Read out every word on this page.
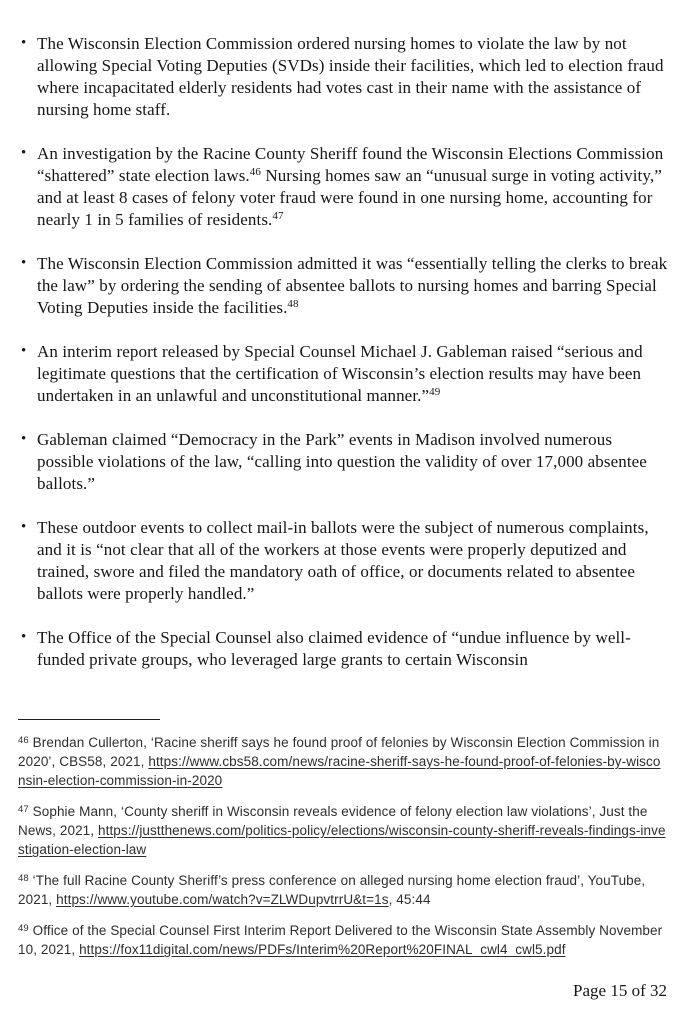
• The Wisconsin Election Commission ordered nursing homes to violate the law by not allowing Special Voting Deputies (SVDs) inside their facilities, which led to election fraud where incapacitated elderly residents had votes cast in their name with the assistance of nursing home staff.
• An investigation by the Racine County Sheriff found the Wisconsin Elections Commission “shattered” state election laws.$^{46}$ Nursing homes saw an “unusual surge in voting activity,” and at least 8 cases of felony voter fraud were found in one nursing home, accounting for nearly 1 in 5 families of residents.$^{47}$
• The Wisconsin Election Commission admitted it was “essentially telling the clerks to break the law” by ordering the sending of absentee ballots to nursing homes and barring Special Voting Deputies inside the facilities.$^{48}$
• An interim report released by Special Counsel Michael J. Gableman raised “serious and legitimate questions that the certification of Wisconsin’s election results may have been undertaken in an unlawful and unconstitutional manner.”$^{49}$
• Gableman claimed “Democracy in the Park” events in Madison involved numerous possible violations of the law, “calling into question the validity of over 17,000 absentee ballots.”
• These outdoor events to collect mail-in ballots were the subject of numerous complaints, and it is “not clear that all of the workers at those events were properly deputized and trained, swore and filed the mandatory oath of office, or documents related to absentee ballots were properly handled.”
• The Office of the Special Counsel also claimed evidence of “undue influence by well-funded private groups, who leveraged large grants to certain Wisconsin
$^{46}$ Brendan Cullerton, ‘Racine sheriff says he found proof of felonies by Wisconsin Election Commission in 2020’, CBS58, 2021, https://www.cbs58.com/news/racine-sheriff-says-he-found-proof-of-felonies-by-wisconsin-election-commission-in-2020
$^{47}$ Sophie Mann, ‘County sheriff in Wisconsin reveals evidence of felony election law violations’, Just the News, 2021, https://justthenews.com/politics-policy/elections/wisconsin-county-sheriff-reveals-findings-investigation-election-law
$^{48}$ ‘The full Racine County Sheriff’s press conference on alleged nursing home election fraud’, YouTube, 2021, https://www.youtube.com/watch?v=ZLWDupvtrrU&t=1s, 45:44
$^{49}$ Office of the Special Counsel First Interim Report Delivered to the Wisconsin State Assembly November 10, 2021, https://fox11digital.com/news/PDFs/Interim%20Report%20FINAL_cwl4_cwl5.pdf
Page 15 of 32
